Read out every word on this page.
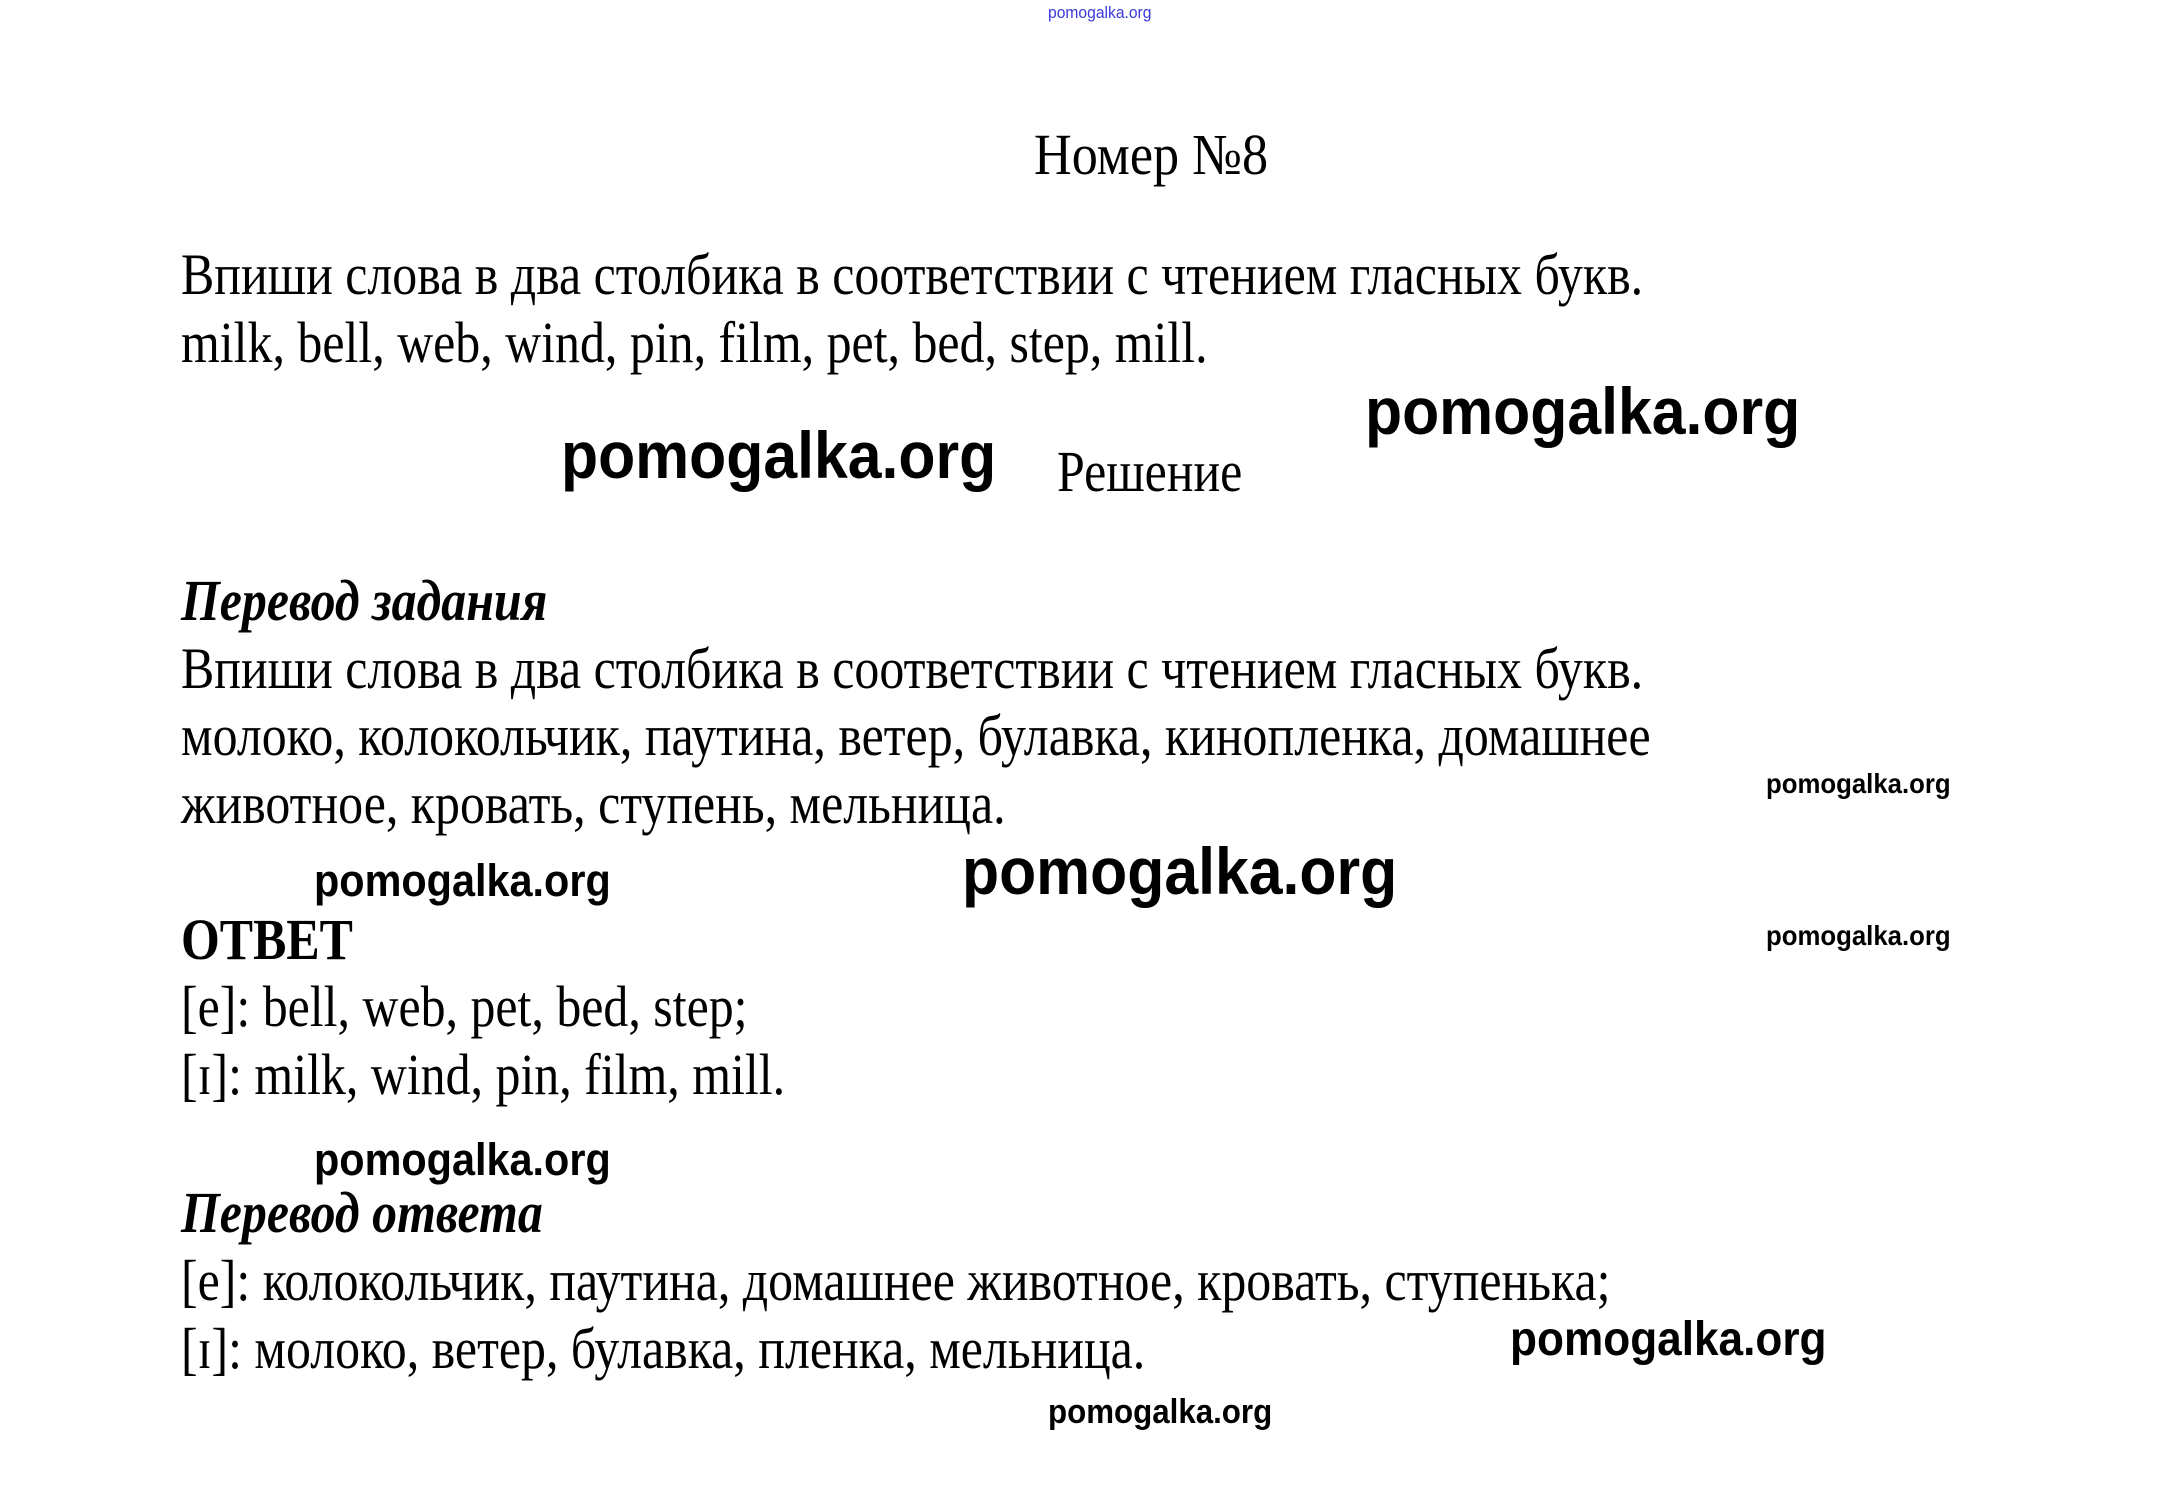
pomogalka.org
Номер №8
Впиши слова в два столбика в соответствии с чтением гласных букв.
milk, bell, web, wind, pin, film, pet, bed, step, mill.
pomogalka.org
pomogalka.org Решение
Перевод задания
Впиши слова в два столбика в соответствии с чтением гласных букв.
молоко, колокольчик, паутина, ветер, булавка, кинопленка, домашнее
животное, кровать, ступень, мельница.	pomogalka.org
pomogalka.org
pomogalka.org
ОТВЕТ	pomogalka.org
[e]: bell, web, pet, bed, step;
[ɪ]: milk, wind, pin, film, mill.
pomogalka.org
Перевод ответа
[e]: колокольчик, паутина, домашнее животное, кровать, ступенька;
pomogalka.org
[ɪ]: молоко, ветер, булавка, пленка, мельница.
pomogalka.org
